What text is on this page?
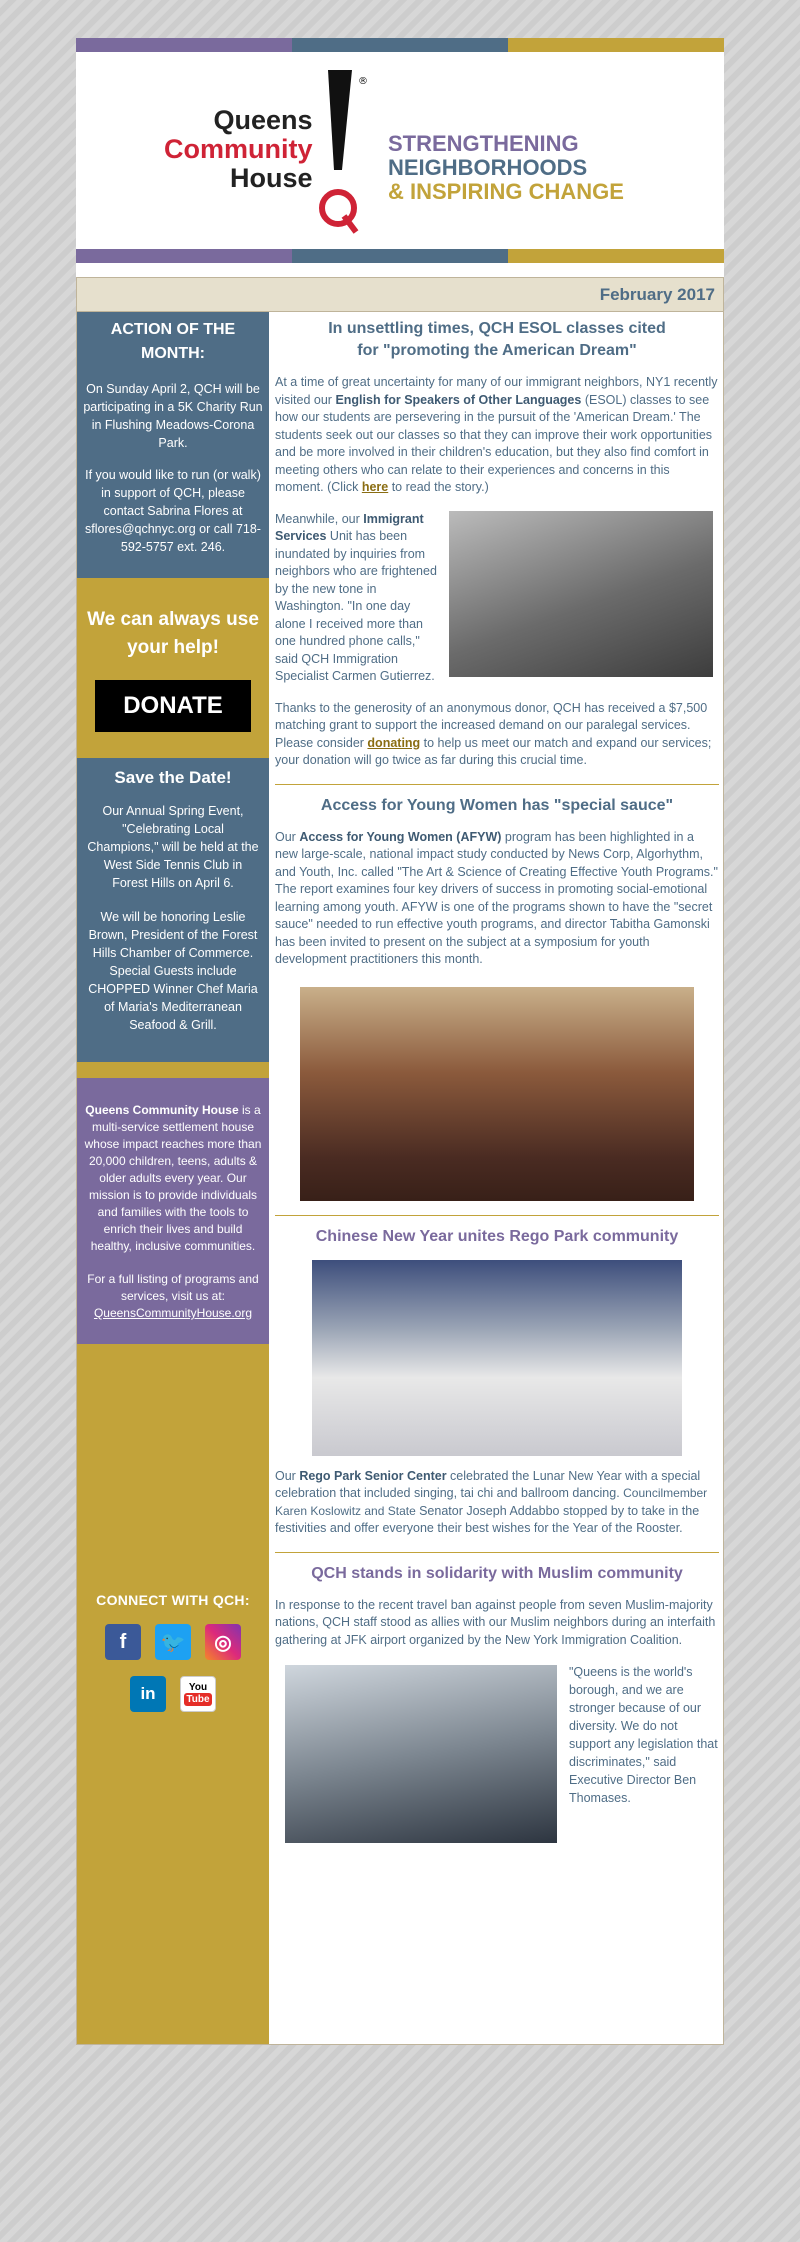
Queens
Community
House
®
STRENGTHENING
NEIGHBORHOODS
& INSPIRING CHANGE
February 2017
ACTION OF THE MONTH:

On Sunday April 2, QCH will be participating in a 5K Charity Run in Flushing Meadows-Corona Park.

If you would like to run (or walk) in support of QCH, please contact Sabrina Flores at sflores@qchnyc.org or call 718-592-5757 ext. 246.

We can always use your help!
DONATE
Save the Date!

Our Annual Spring Event, "Celebrating Local Champions," will be held at the West Side Tennis Club in Forest Hills on April 6.

We will be honoring Leslie Brown, President of the Forest Hills Chamber of Commerce. Special Guests include CHOPPED Winner Chef Maria of Maria's Mediterranean Seafood & Grill.

Queens Community House is a multi-service settlement house whose impact reaches more than 20,000 children, teens, adults & older adults every year. Our mission is to provide individuals and families with the tools to enrich their lives and build healthy, inclusive communities.

For a full listing of programs and services, visit us at:

QueensCommunityHouse.org

CONNECT WITH QCH:
f	🐦	◎
in	You
Tube
In unsettling times, QCH ESOL classes cited
for "promoting the American Dream"

At a time of great uncertainty for many of our immigrant neighbors, NY1 recently visited our English for Speakers of Other Languages (ESOL) classes to see how our students are persevering in the pursuit of the 'American Dream.' The students seek out our classes so that they can improve their work opportunities and be more involved in their children's education, but they also find comfort in meeting others who can relate to their experiences and concerns in this moment. (Click here to read the story.)

Meanwhile, our Immigrant Services Unit has been inundated by inquiries from neighbors who are frightened by the new tone in Washington. "In one day alone I received more than one hundred phone calls," said QCH Immigration Specialist Carmen Gutierrez.

Thanks to the generosity of an anonymous donor, QCH has received a $7,500 matching grant to support the increased demand on our paralegal services. Please consider donating to help us meet our match and expand our services; your donation will go twice as far during this crucial time.

Access for Young Women has "special sauce"

Our Access for Young Women (AFYW) program has been highlighted in a new large-scale, national impact study conducted by News Corp, Algorhythm, and Youth, Inc. called "The Art & Science of Creating Effective Youth Programs." The report examines four key drivers of success in promoting social-emotional learning among youth. AFYW is one of the programs shown to have the "secret sauce" needed to run effective youth programs, and director Tabitha Gamonski has been invited to present on the subject at a symposium for youth development practitioners this month.

Chinese New Year unites Rego Park community

Our Rego Park Senior Center celebrated the Lunar New Year with a special celebration that included singing, tai chi and ballroom dancing. Councilmember Karen Koslowitz and State Senator Joseph Addabbo stopped by to take in the festivities and offer everyone their best wishes for the Year of the Rooster.

QCH stands in solidarity with Muslim community

In response to the recent travel ban against people from seven Muslim-majority nations, QCH staff stood as allies with our Muslim neighbors during an interfaith gathering at JFK airport organized by the New York Immigration Coalition.

"Queens is the world's borough, and we are stronger because of our diversity. We do not support any legislation that discriminates," said Executive Director Ben Thomases.
